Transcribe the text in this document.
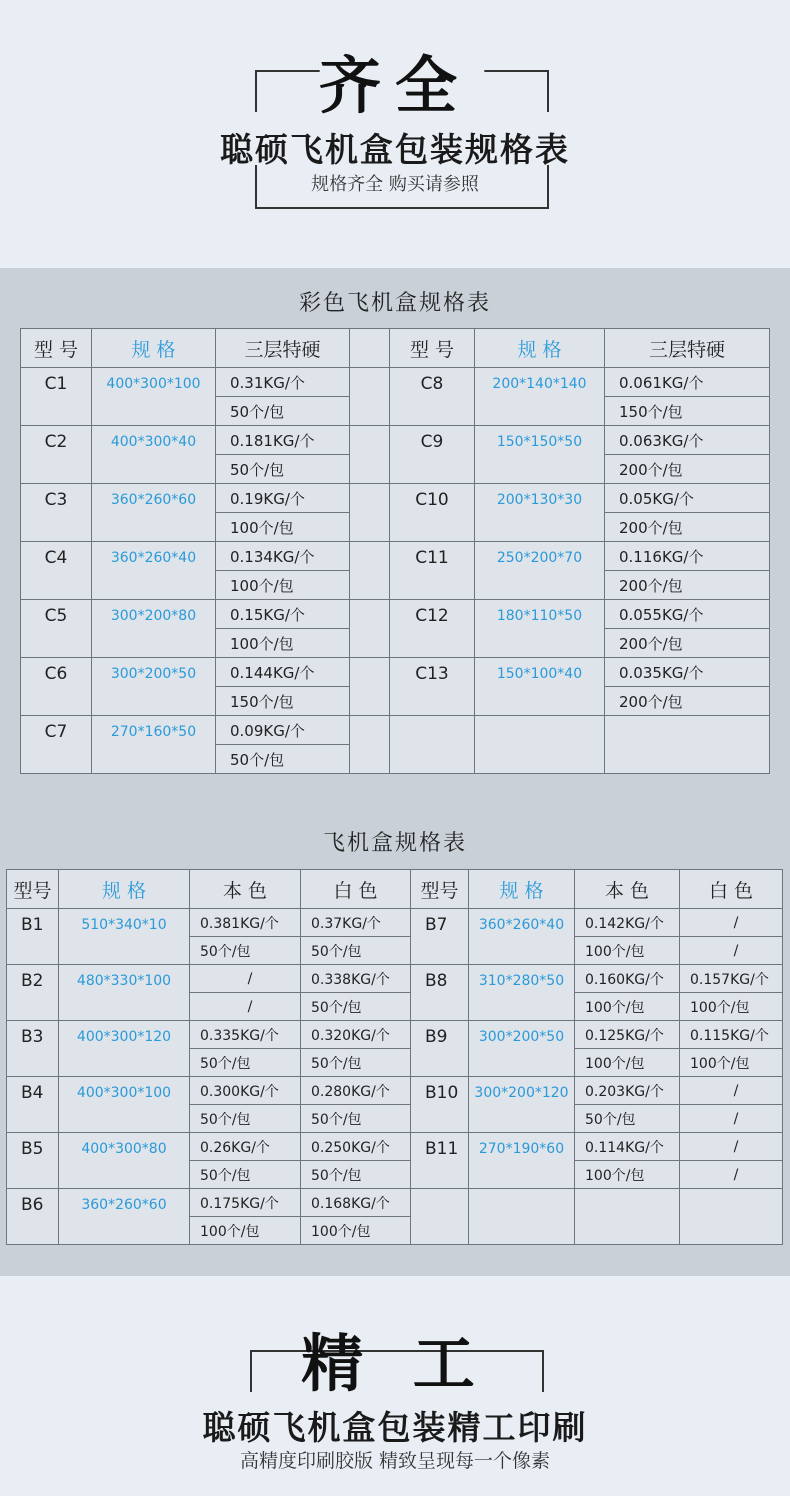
齐全
聪硕飞机盒包装规格表
规格齐全 购买请参照
彩色飞机盒规格表
型 号	规 格	三层特硬		型 号	规 格	三层特硬
C1	400*300*100	0.31KG/个		C8	200*140*140	0.061KG/个
		50个/包				150个/包
C2	400*300*40	0.181KG/个		C9	150*150*50	0.063KG/个
		50个/包				200个/包
C3	360*260*60	0.19KG/个		C10	200*130*30	0.05KG/个
		100个/包				200个/包
C4	360*260*40	0.134KG/个		C11	250*200*70	0.116KG/个
		100个/包				200个/包
C5	300*200*80	0.15KG/个		C12	180*110*50	0.055KG/个
		100个/包				200个/包
C6	300*200*50	0.144KG/个		C13	150*100*40	0.035KG/个
		150个/包				200个/包
C7	270*160*50	0.09KG/个				
		50个/包				
飞机盒规格表
型号	规 格	本 色	白 色	型号	规 格	本 色	白 色
B1	510*340*10	0.381KG/个	0.37KG/个	B7	360*260*40	0.142KG/个	/
		50个/包	50个/包			100个/包	/
B2	480*330*100	/	0.338KG/个	B8	310*280*50	0.160KG/个	0.157KG/个
		/	50个/包			100个/包	100个/包
B3	400*300*120	0.335KG/个	0.320KG/个	B9	300*200*50	0.125KG/个	0.115KG/个
		50个/包	50个/包			100个/包	100个/包
B4	400*300*100	0.300KG/个	0.280KG/个	B10	300*200*120	0.203KG/个	/
		50个/包	50个/包			50个/包	/
B5	400*300*80	0.26KG/个	0.250KG/个	B11	270*190*60	0.114KG/个	/
		50个/包	50个/包			100个/包	/
B6	360*260*60	0.175KG/个	0.168KG/个				
		100个/包	100个/包				
精 工
聪硕飞机盒包装精工印刷
高精度印刷胶版 精致呈现每一个像素
